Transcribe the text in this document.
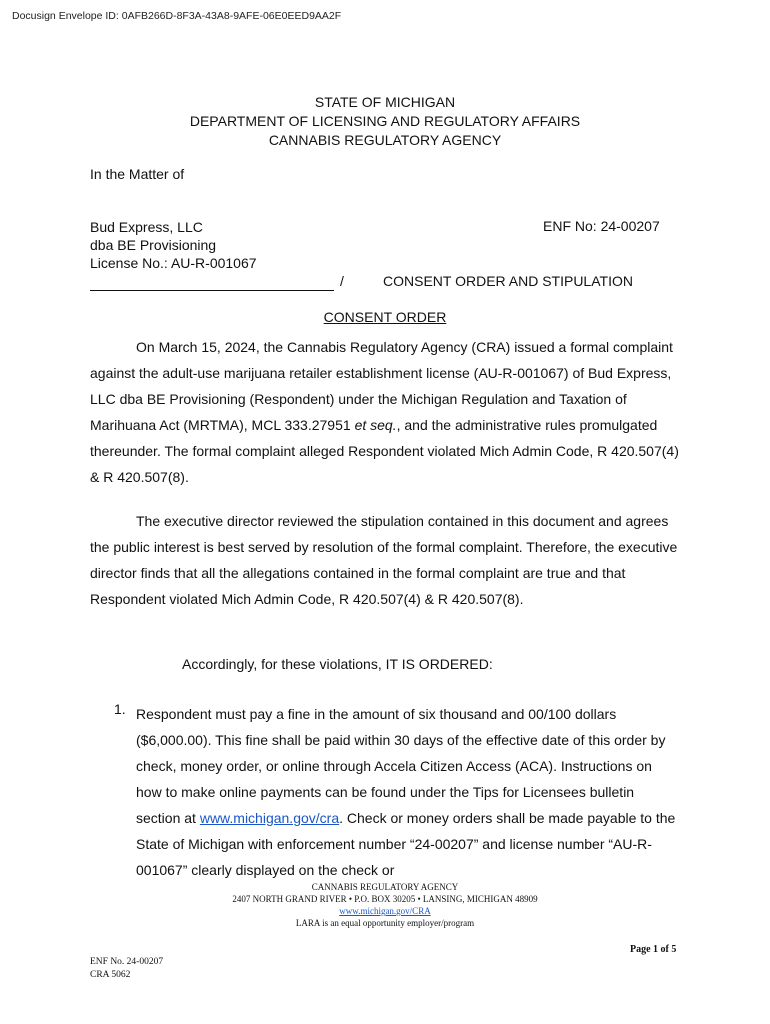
Docusign Envelope ID: 0AFB266D-8F3A-43A8-9AFE-06E0EED9AA2F
STATE OF MICHIGAN
DEPARTMENT OF LICENSING AND REGULATORY AFFAIRS
CANNABIS REGULATORY AGENCY
In the Matter of
Bud Express, LLC
dba BE Provisioning
License No.: AU-R-001067
ENF No: 24-00207
/	CONSENT ORDER AND STIPULATION
CONSENT ORDER

On March 15, 2024, the Cannabis Regulatory Agency (CRA) issued a formal complaint against the adult-use marijuana retailer establishment license (AU-R-001067) of Bud Express, LLC dba BE Provisioning (Respondent) under the Michigan Regulation and Taxation of Marihuana Act (MRTMA), MCL 333.27951 et seq., and the administrative rules promulgated thereunder. The formal complaint alleged Respondent violated Mich Admin Code, R 420.507(4) & R 420.507(8).

The executive director reviewed the stipulation contained in this document and agrees the public interest is best served by resolution of the formal complaint. Therefore, the executive director finds that all the allegations contained in the formal complaint are true and that Respondent violated Mich Admin Code, R 420.507(4) & R 420.507(8).

Accordingly, for these violations, IT IS ORDERED:
1. Respondent must pay a fine in the amount of six thousand and 00/100 dollars ($6,000.00). This fine shall be paid within 30 days of the effective date of this order by check, money order, or online through Accela Citizen Access (ACA). Instructions on how to make online payments can be found under the Tips for Licensees bulletin section at www.michigan.gov/cra. Check or money orders shall be made payable to the State of Michigan with enforcement number “24-00207” and license number “AU-R-001067” clearly displayed on the check or

CANNABIS REGULATORY AGENCY
2407 NORTH GRAND RIVER • P.O. BOX 30205 • LANSING, MICHIGAN 48909
www.michigan.gov/CRA
LARA is an equal opportunity employer/program
Page 1 of 5
ENF No. 24-00207
CRA 5062
